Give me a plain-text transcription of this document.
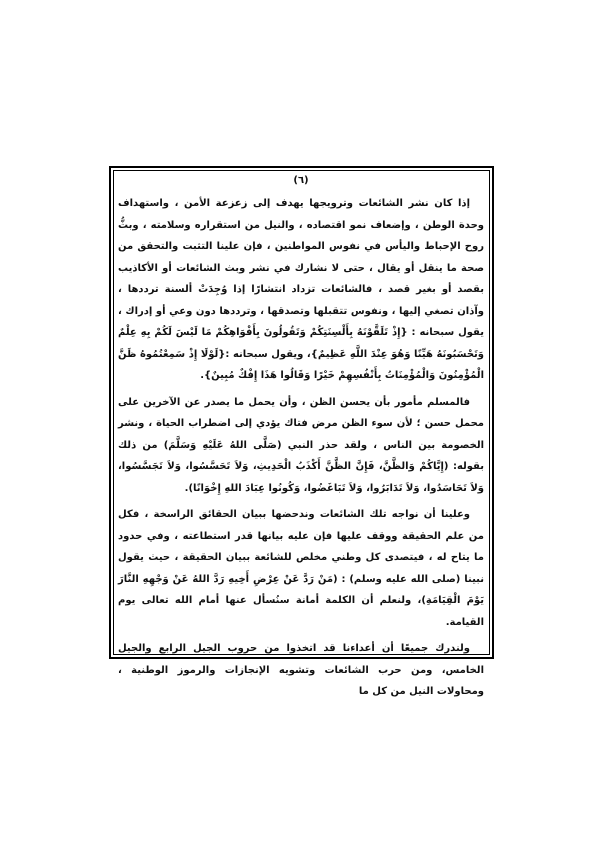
(٦)

إذا كان نشر الشائعات وترويجها يهدف إلى زعزعة الأمن ، واستهداف وحدة الوطن ، وإضعاف نمو اقتصاده ، والنيل من استقراره وسلامته ، وبثُّ روح الإحباط واليأس في نفوس المواطنين ، فإن علينا التثبت والتحقق من صحة ما ينقل أو يقال ، حتى لا نشارك في نشر وبث الشائعات أو الأكاذيب بقصد أو بغير قصد ، فالشائعات تزداد انتشارًا إذا وُجِدَتْ ألسنة ترددها ، وآذان تصغي إليها ، ونفوس تتقبلها وتصدقها ، وترددها دون وعي أو إدراك ، يقول سبحانه : {إِذْ تَلَقَّوْنَهُ بِأَلْسِنَتِكُمْ وَتَقُولُونَ بِأَفْوَاهِكُمْ مَا لَيْسَ لَكُمْ بِهِ عِلْمٌ وَتَحْسَبُونَهُ هَيِّنًا وَهُوَ عِنْدَ اللَّهِ عَظِيمٌ}، ويقول سبحانه :{لَوْلَا إِذْ سَمِعْتُمُوهُ ظَنَّ الْمُؤْمِنُونَ وَالْمُؤْمِنَاتُ بِأَنْفُسِهِمْ خَيْرًا وَقَالُوا هَذَا إِفْكٌ مُبِينٌ}.

فالمسلم مأمور بأن يحسن الظن ، وأن يحمل ما يصدر عن الآخرين على محمل حسن ؛ لأن سوء الظن مرض فتاك يؤدي إلى اضطراب الحياة ، ونشر الخصومة بين الناس ، ولقد حذر النبي (صَلَّى اللهُ عَلَيْهِ وَسَلَّمَ) من ذلك بقوله: (إِيَّاكُمْ وَالظَّنَّ، فَإِنَّ الظَّنَّ أَكْذَبُ الْحَدِيثِ، وَلاَ تَحَسَّسُوا، وَلاَ تَجَسَّسُوا، وَلاَ تَحَاسَدُوا، وَلاَ تَدَابَرُوا، وَلاَ تَبَاغَضُوا، وَكُونُوا عِبَادَ اللهِ إِخْوَانًا).

وعلينا أن نواجه تلك الشائعات وندحضها ببيان الحقائق الراسخة ، فكل من علم الحقيقة ووقف عليها فإن عليه بيانها قدر استطاعته ، وفي حدود ما يتاح له ، فيتصدى كل وطني مخلص للشائعة ببيان الحقيقة ، حيث يقول نبينا (صلى الله عليه وسلم) : (مَنْ رَدَّ عَنْ عِرْضِ أَخِيهِ رَدَّ اللهُ عَنْ وَجْهِهِ النَّارَ يَوْمَ الْقِيَامَةِ)، ولنعلم أن الكلمة أمانة سنُسأل عنها أمام الله تعالى يوم القيامة.

ولندرك جميعًا أن أعداءنا قد اتخذوا من حروب الجيل الرابع والجيل الخامس، ومن حرب الشائعات وتشويه الإنجازات والرموز الوطنية ، ومحاولات النيل من كل ما
